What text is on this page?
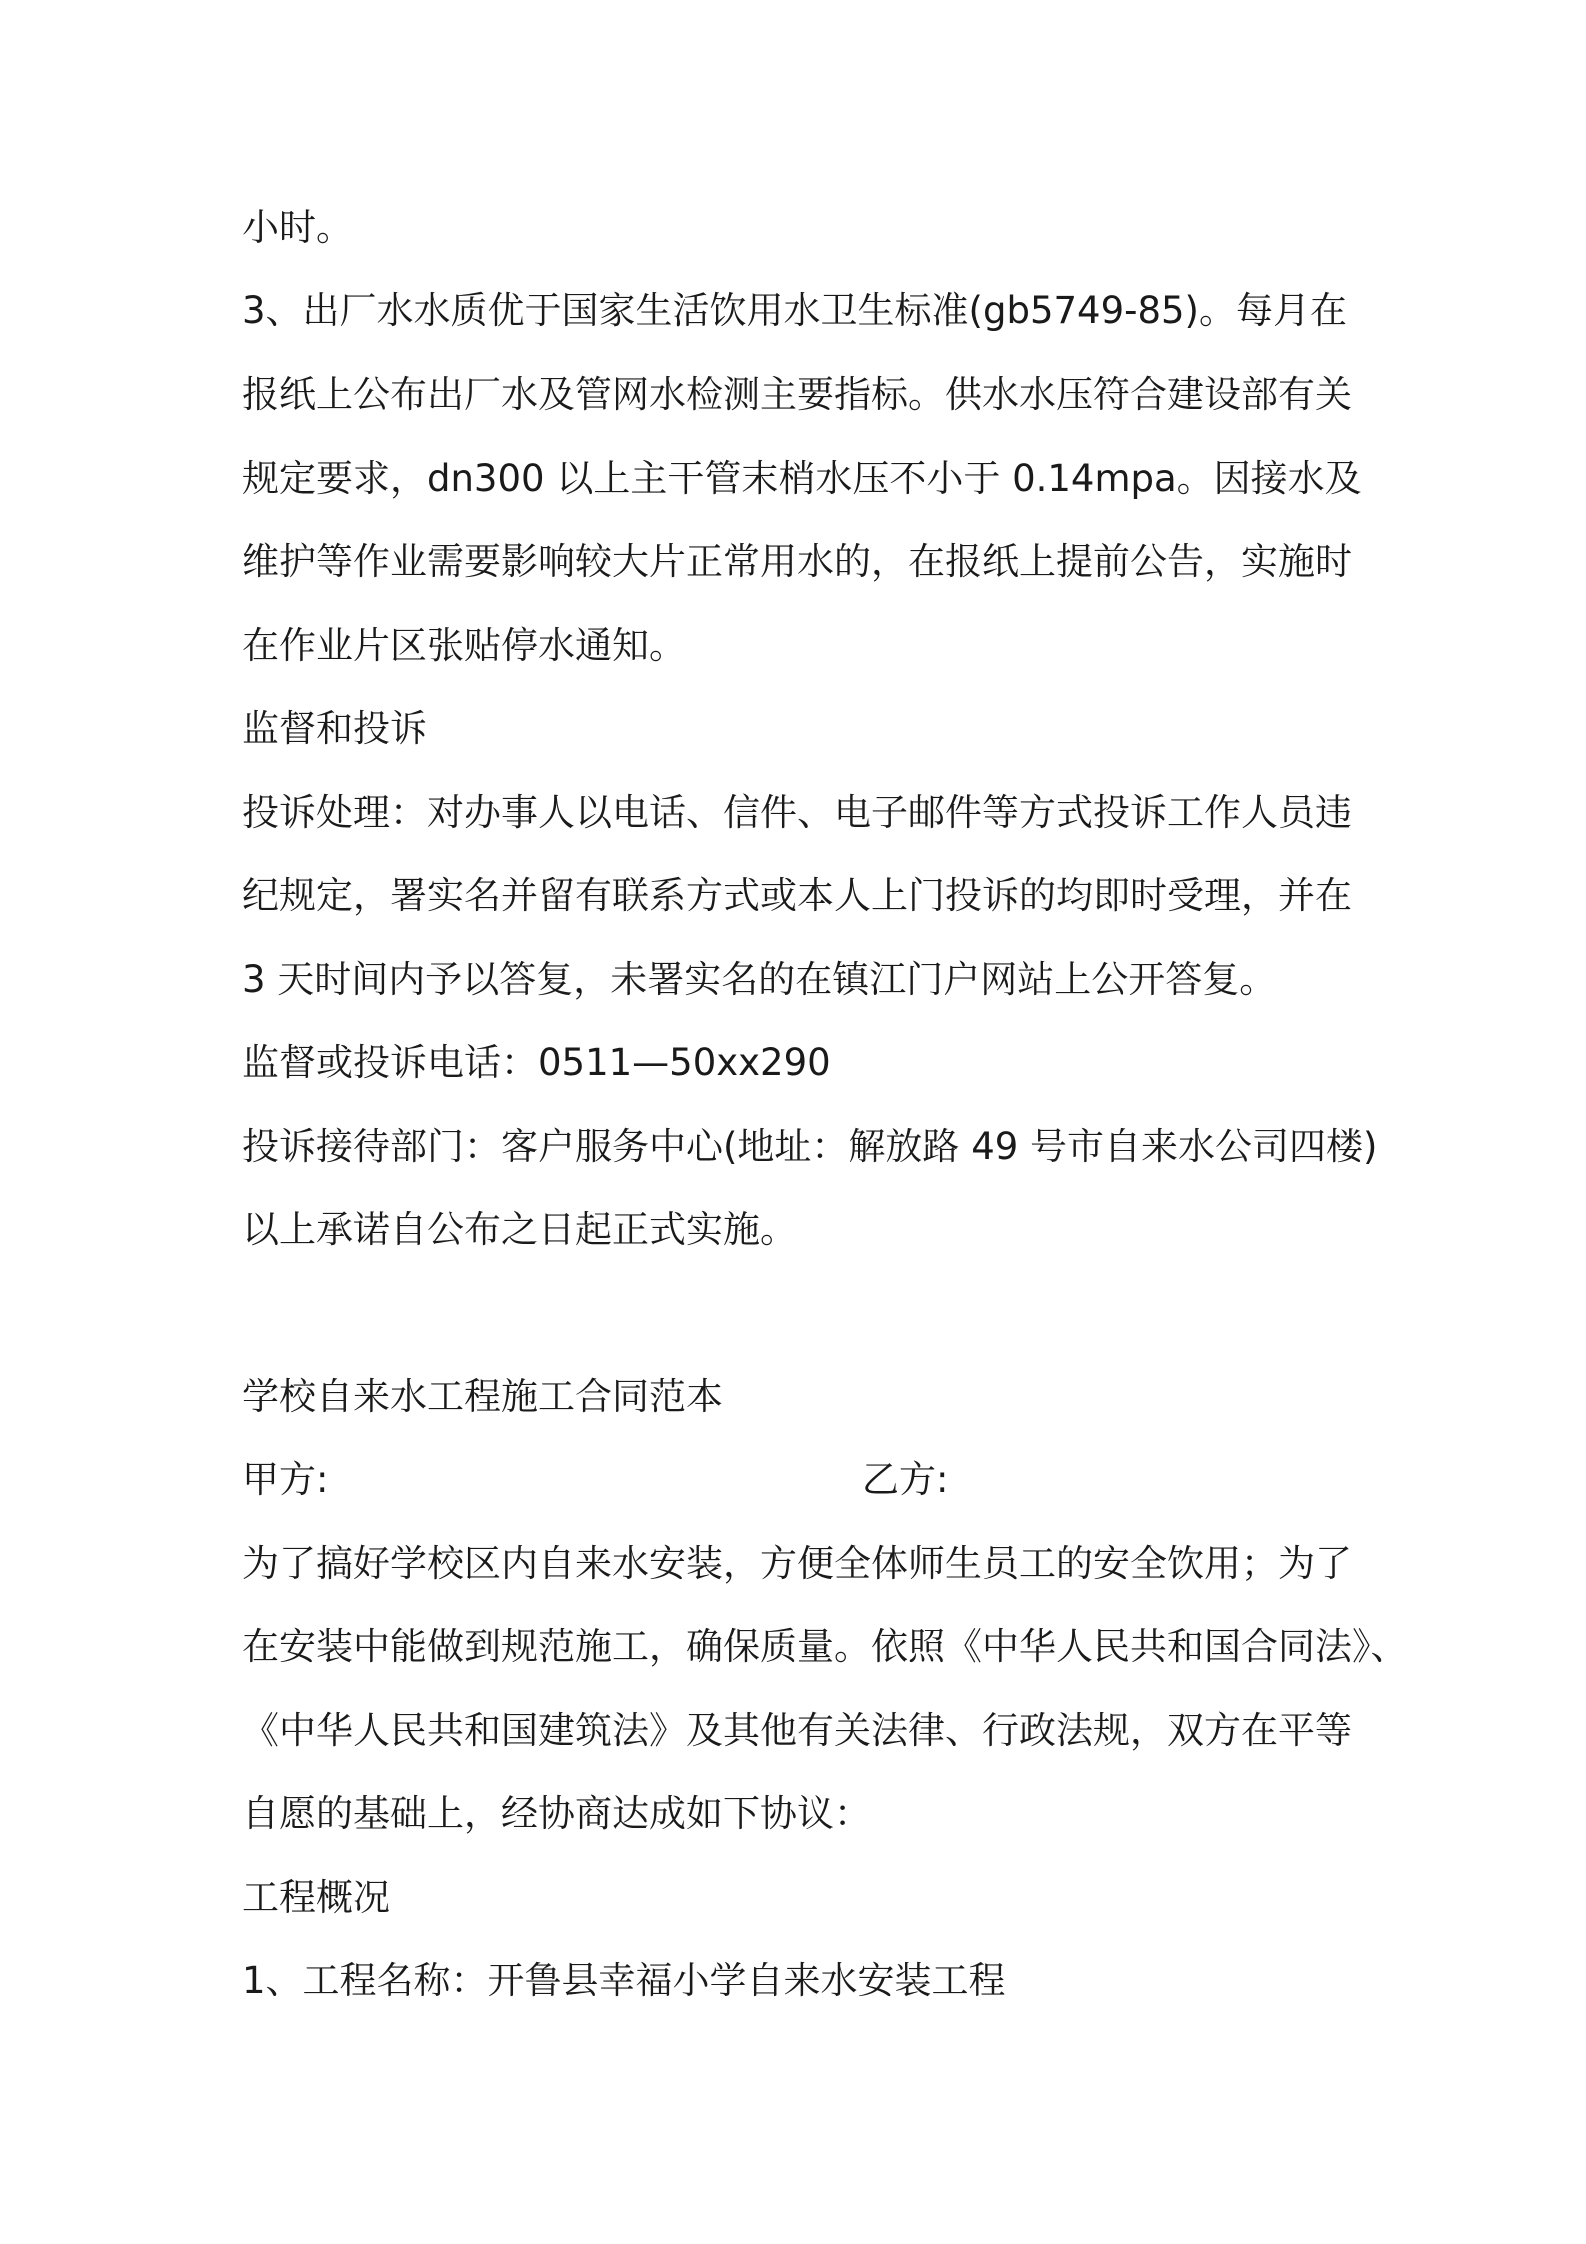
小时。
3、出厂水水质优于国家生活饮用水卫生标准(gb5749-85)。每月在
报纸上公布出厂水及管网水检测主要指标。供水水压符合建设部有关
规定要求，dn300 以上主干管末梢水压不小于 0.14mpa。因接水及
维护等作业需要影响较大片正常用水的，在报纸上提前公告，实施时
在作业片区张贴停水通知。
监督和投诉
投诉处理：对办事人以电话、信件、电子邮件等方式投诉工作人员违
纪规定，署实名并留有联系方式或本人上门投诉的均即时受理，并在
3 天时间内予以答复，未署实名的在镇江门户网站上公开答复。
监督或投诉电话：0511—50xx290
投诉接待部门：客户服务中心(地址：解放路 49 号市自来水公司四楼)
以上承诺自公布之日起正式实施。
学校自来水工程施工合同范本
甲方:	乙方:
为了搞好学校区内自来水安装，方便全体师生员工的安全饮用；为了
在安装中能做到规范施工，确保质量。依照《中华人民共和国合同法》、
《中华人民共和国建筑法》及其他有关法律、行政法规，双方在平等
自愿的基础上，经协商达成如下协议：
工程概况
1、工程名称：开鲁县幸福小学自来水安装工程
